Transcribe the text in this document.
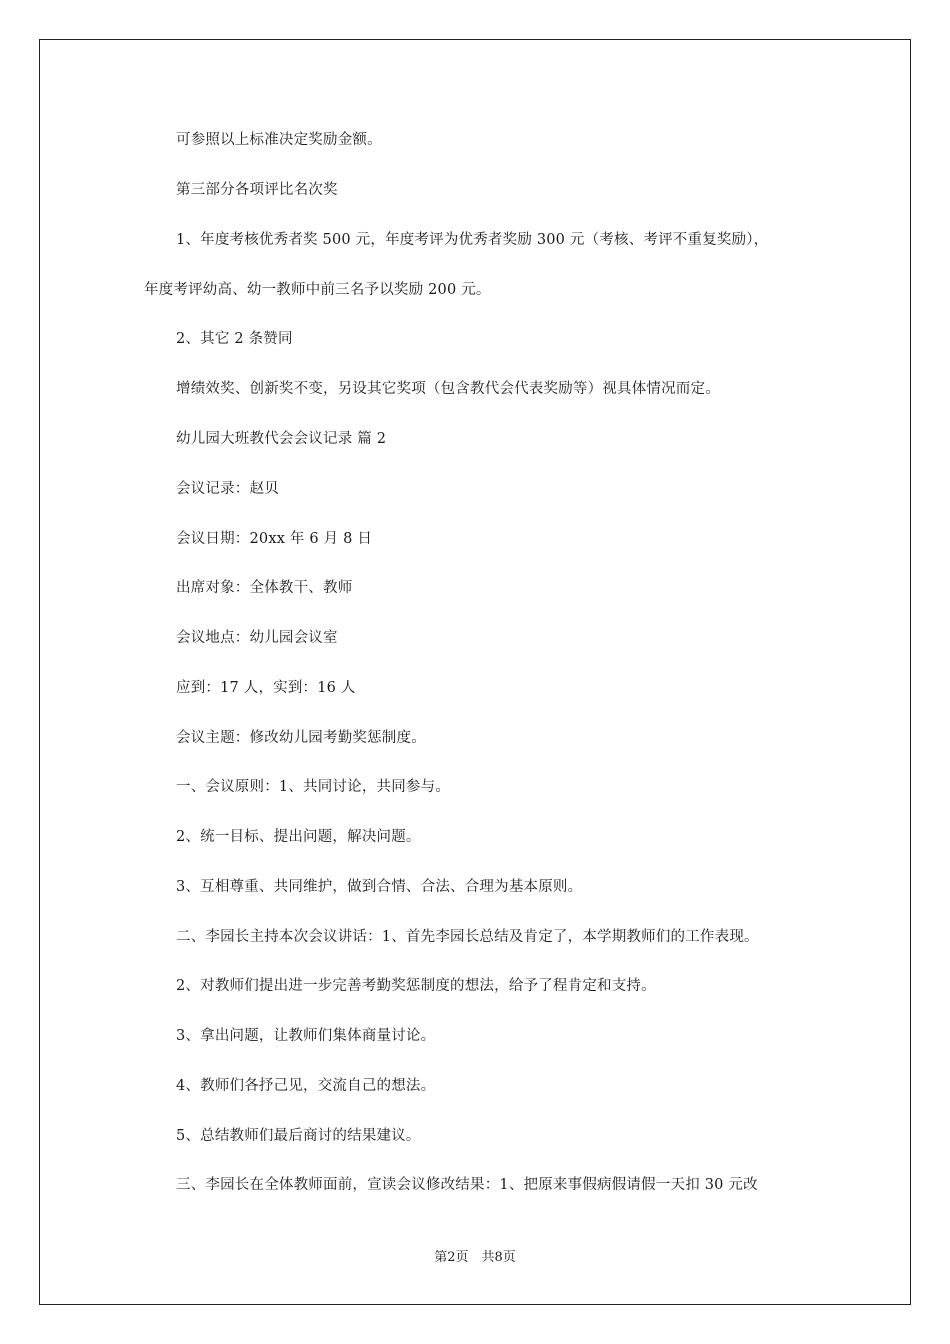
可参照以上标准决定奖励金额。
第三部分各项评比名次奖
1、年度考核优秀者奖 500 元，年度考评为优秀者奖励 300 元（考核、考评不重复奖励），
年度考评幼高、幼一教师中前三名予以奖励 200 元。
2、其它 2 条赞同
增绩效奖、创新奖不变，另设其它奖项（包含教代会代表奖励等）视具体情况而定。
幼儿园大班教代会会议记录 篇 2
会议记录：赵贝
会议日期：20xx 年 6 月 8 日
出席对象：全体教干、教师
会议地点：幼儿园会议室
应到：17 人，实到：16 人
会议主题：修改幼儿园考勤奖惩制度。
一、会议原则：1、共同讨论，共同参与。
2、统一目标、提出问题，解决问题。
3、互相尊重、共同维护，做到合情、合法、合理为基本原则。
二、李园长主持本次会议讲话：1、首先李园长总结及肯定了，本学期教师们的工作表现。
2、对教师们提出进一步完善考勤奖惩制度的想法，给予了程肯定和支持。
3、拿出问题，让教师们集体商量讨论。
4、教师们各抒己见，交流自己的想法。
5、总结教师们最后商讨的结果建议。
三、李园长在全体教师面前，宣读会议修改结果：1、把原来事假病假请假一天扣 30 元改
第2页　共8页
